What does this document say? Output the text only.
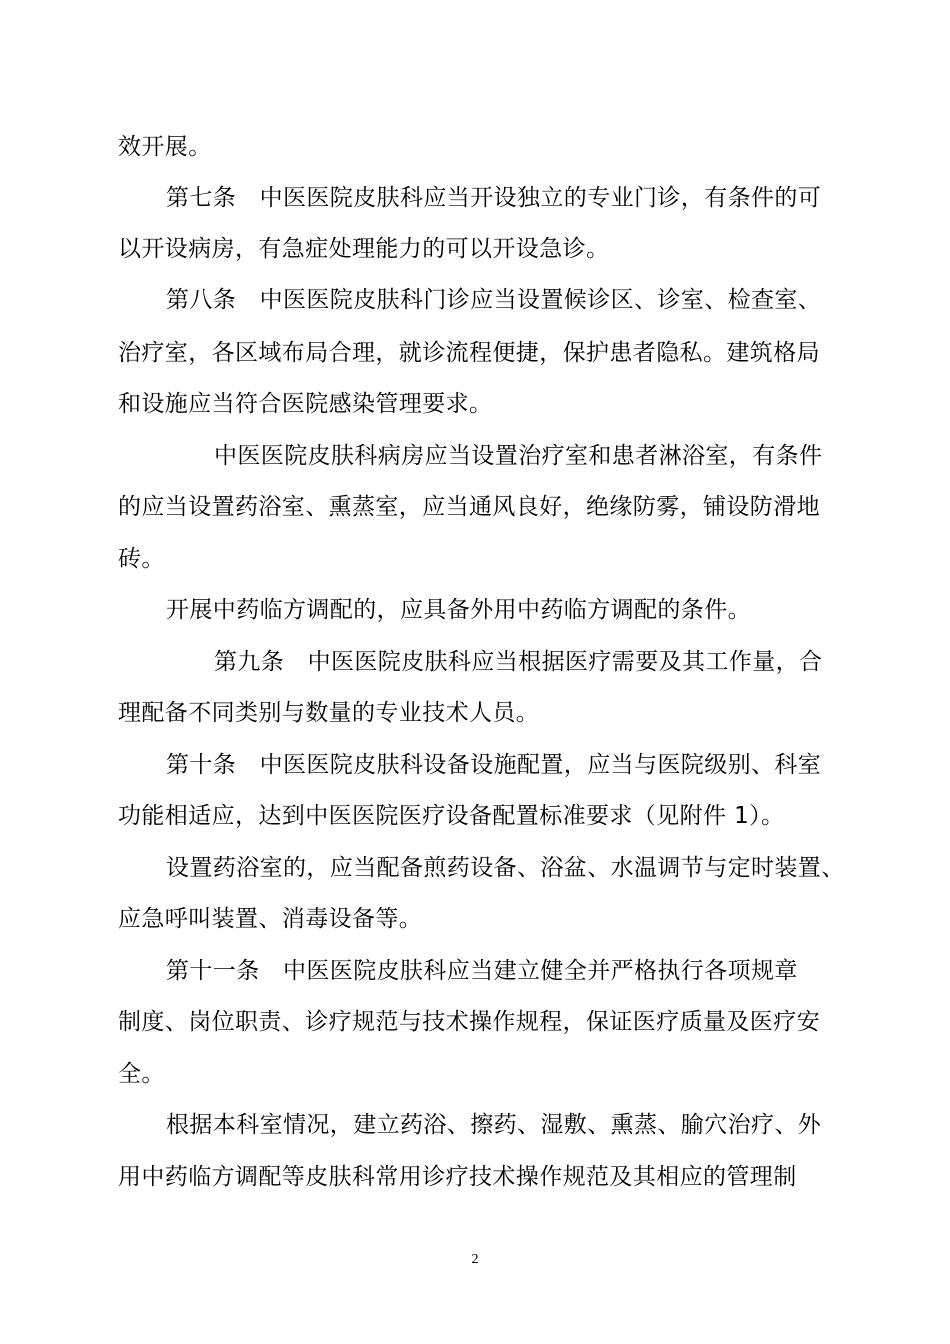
效开展。
第七条　中医医院皮肤科应当开设独立的专业门诊，有条件的可
以开设病房，有急症处理能力的可以开设急诊。
第八条　中医医院皮肤科门诊应当设置候诊区、诊室、检查室、
治疗室，各区域布局合理，就诊流程便捷，保护患者隐私。建筑格局
和设施应当符合医院感染管理要求。
中医医院皮肤科病房应当设置治疗室和患者淋浴室，有条件
的应当设置药浴室、熏蒸室，应当通风良好，绝缘防雾，铺设防滑地
砖。
开展中药临方调配的，应具备外用中药临方调配的条件。
第九条　中医医院皮肤科应当根据医疗需要及其工作量，合
理配备不同类别与数量的专业技术人员。
第十条　中医医院皮肤科设备设施配置，应当与医院级别、科室
功能相适应，达到中医医院医疗设备配置标准要求（见附件 1）。
设置药浴室的，应当配备煎药设备、浴盆、水温调节与定时装置、
应急呼叫装置、消毒设备等。
第十一条　中医医院皮肤科应当建立健全并严格执行各项规章
制度、岗位职责、诊疗规范与技术操作规程，保证医疗质量及医疗安
全。
根据本科室情况，建立药浴、擦药、湿敷、熏蒸、腧穴治疗、外
用中药临方调配等皮肤科常用诊疗技术操作规范及其相应的管理制
2
